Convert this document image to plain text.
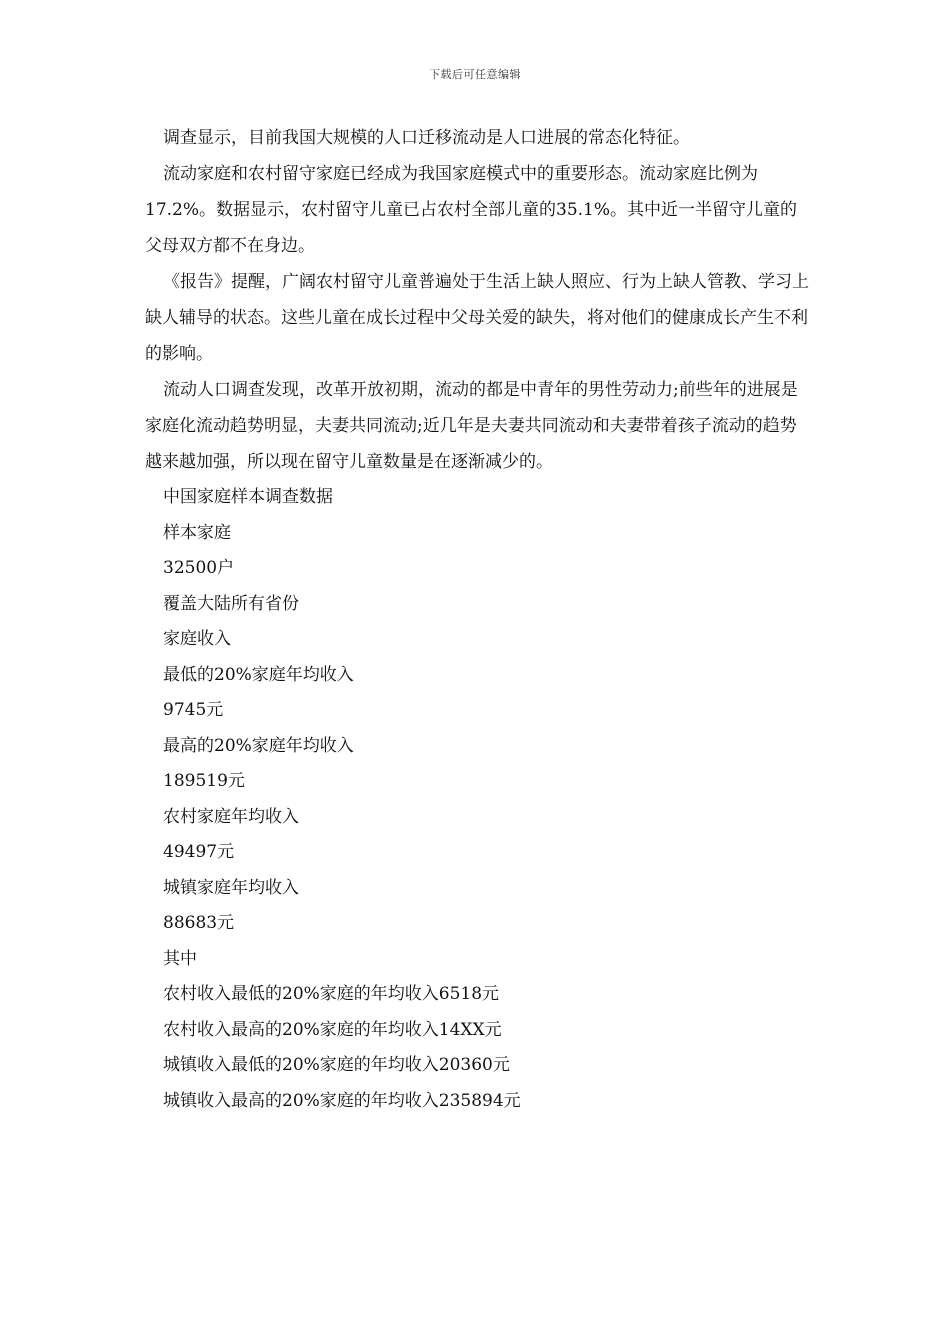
下载后可任意编辑

调查显示，目前我国大规模的人口迁移流动是人口进展的常态化特征。

流动家庭和农村留守家庭已经成为我国家庭模式中的重要形态。流动家庭比例为17.2%。数据显示，农村留守儿童已占农村全部儿童的35.1%。其中近一半留守儿童的父母双方都不在身边。

《报告》提醒，广阔农村留守儿童普遍处于生活上缺人照应、行为上缺人管教、学习上缺人辅导的状态。这些儿童在成长过程中父母关爱的缺失，将对他们的健康成长产生不利的影响。

流动人口调查发现，改革开放初期，流动的都是中青年的男性劳动力;前些年的进展是家庭化流动趋势明显，夫妻共同流动;近几年是夫妻共同流动和夫妻带着孩子流动的趋势越来越加强，所以现在留守儿童数量是在逐渐减少的。

中国家庭样本调查数据

样本家庭

32500户

覆盖大陆所有省份

家庭收入

最低的20%家庭年均收入

9745元

最高的20%家庭年均收入

189519元

农村家庭年均收入

49497元

城镇家庭年均收入

88683元

其中

农村收入最低的20%家庭的年均收入6518元

农村收入最高的20%家庭的年均收入14XX元

城镇收入最低的20%家庭的年均收入20360元

城镇收入最高的20%家庭的年均收入235894元
